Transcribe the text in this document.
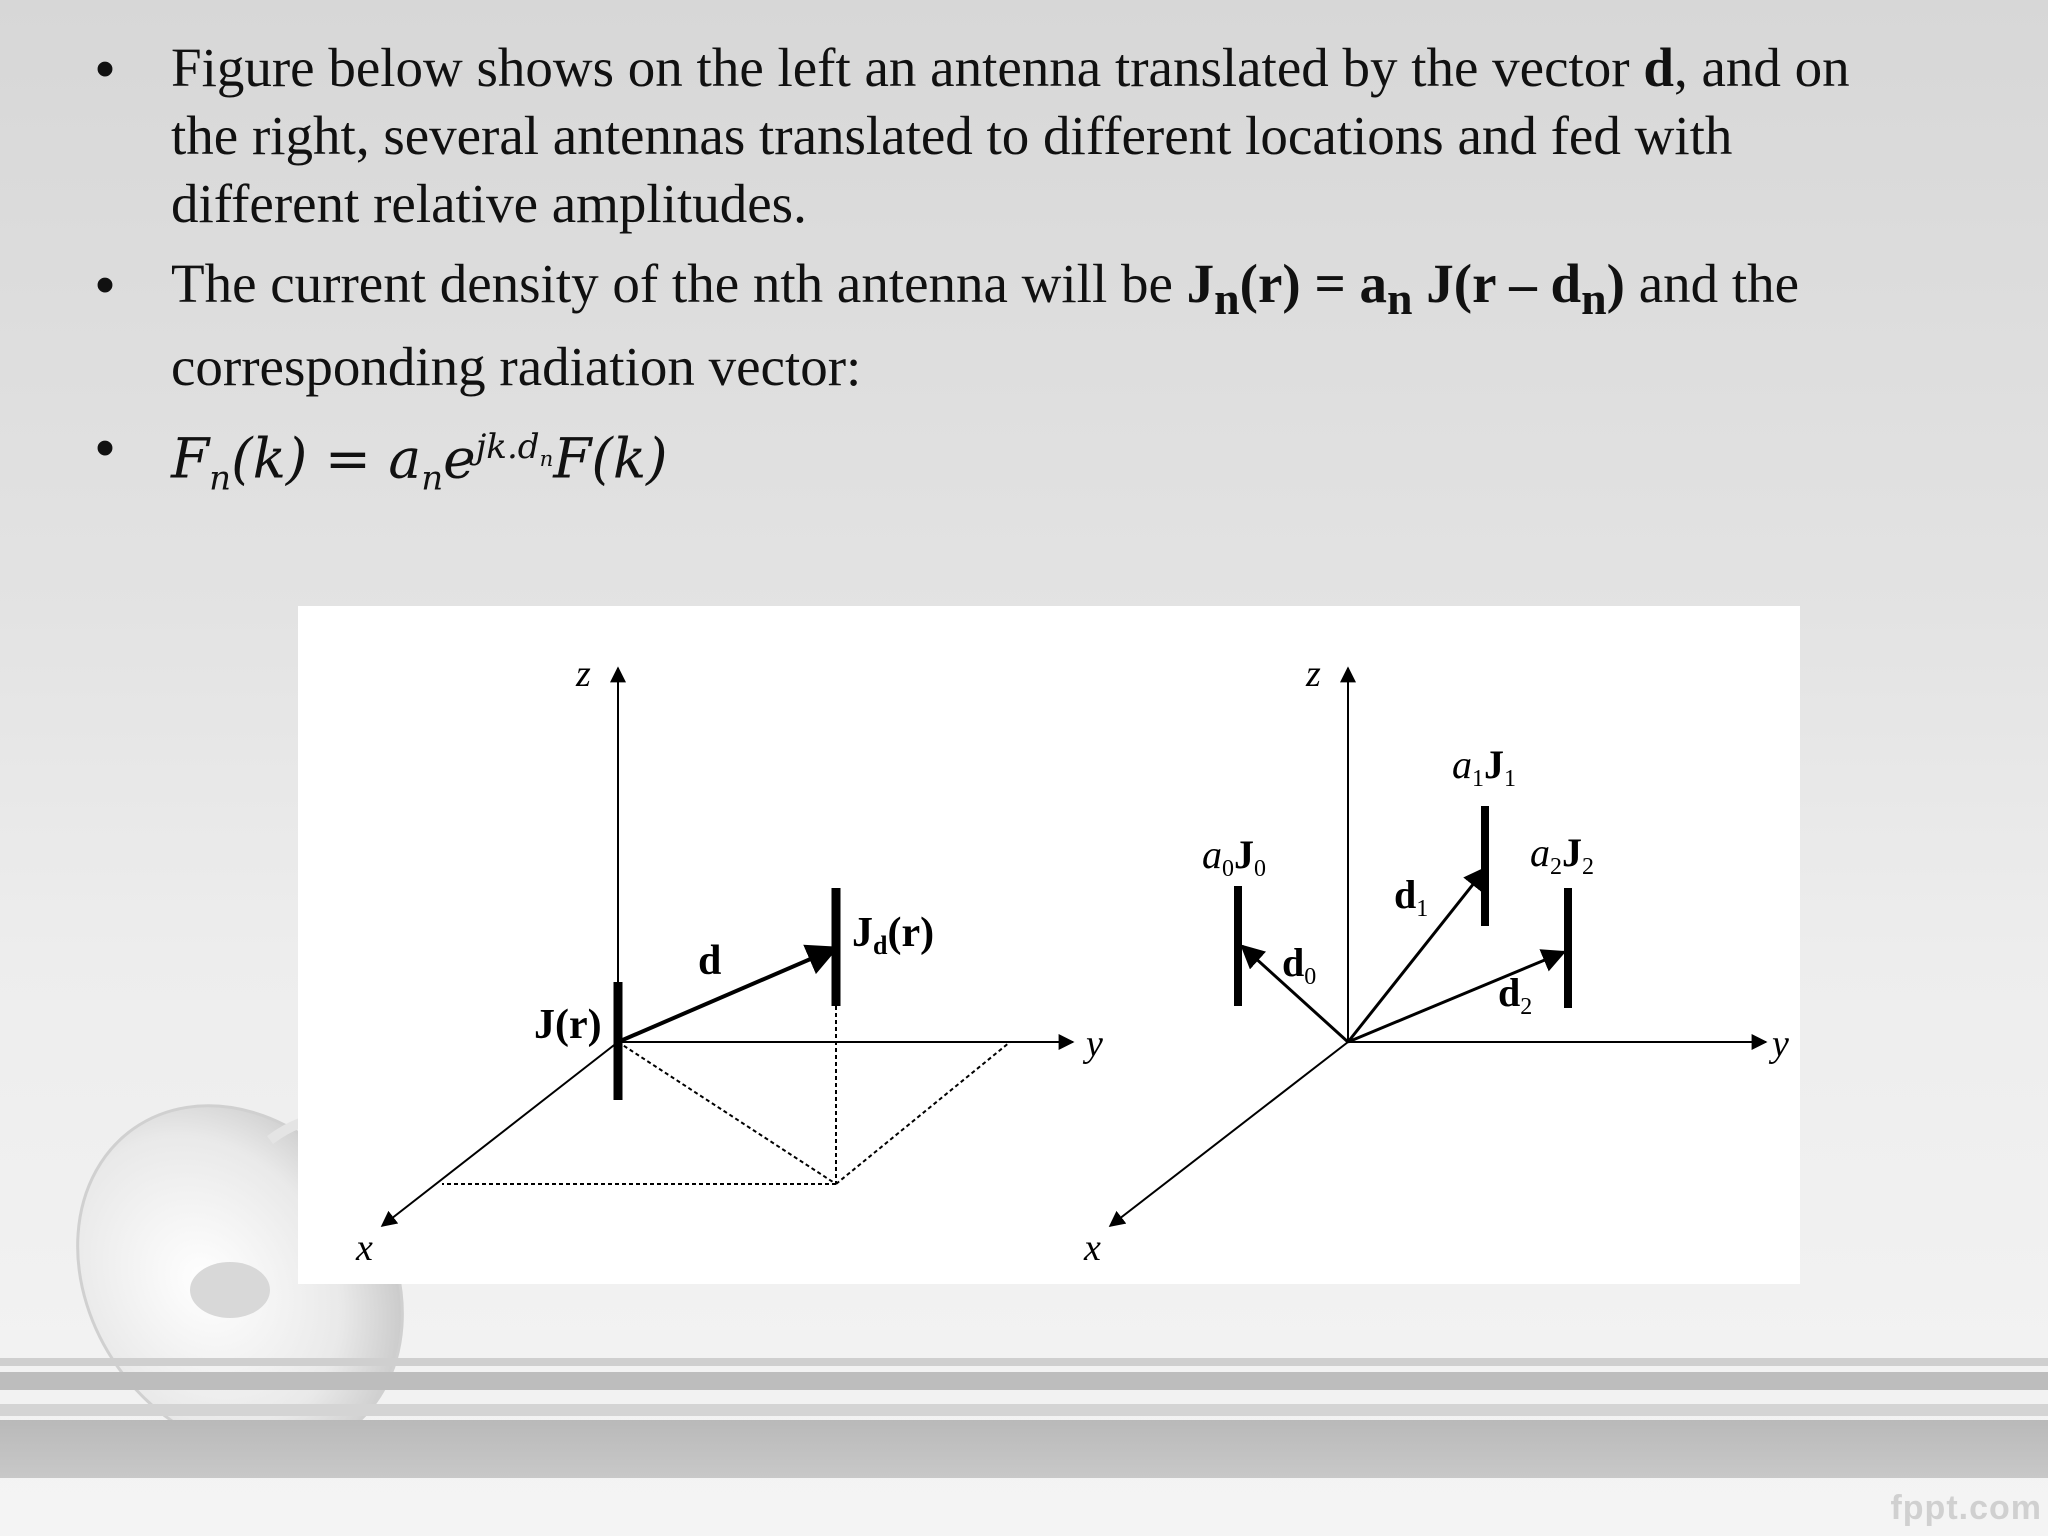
• Figure below shows on the left an antenna translated by the vector d, and on
the right, several antennas translated to different locations and fed with
different relative amplitudes.
• The current density of the nth antenna will be $J_n(r) = a_n$ $J(r - d_n)$ and the
corresponding radiation vector:
• $F_n(k) = a_ne^{jk.d_n}F(k)$
z
y
x
d
J(r)
Jd(r)
z
y
x
$a_0J_0$
$a_1J_1$
$a_2J_2$
$d_0$
$d_1$
$d_2$
fppt.com
